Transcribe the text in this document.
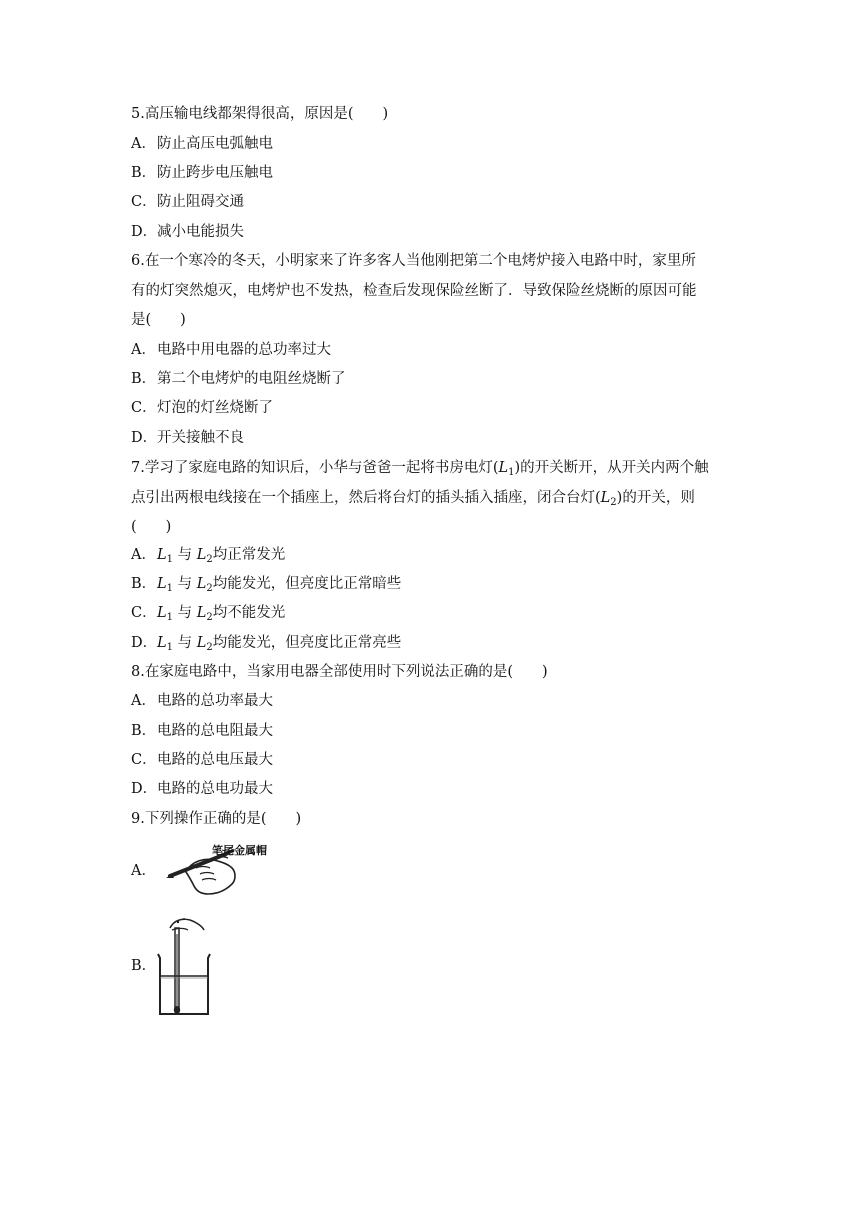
5.高压输电线都架得很高，原因是(　　)
A．防止高压电弧触电
B．防止跨步电压触电
C．防止阻碍交通
D．减小电能损失
6.在一个寒冷的冬天，小明家来了许多客人当他刚把第二个电烤炉接入电路中时，家里所
有的灯突然熄灭，电烤炉也不发热，检查后发现保险丝断了．导致保险丝烧断的原因可能
是(　　)
A．电路中用电器的总功率过大
B．第二个电烤炉的电阻丝烧断了
C．灯泡的灯丝烧断了
D．开关接触不良
7.学习了家庭电路的知识后，小华与爸爸一起将书房电灯$(L_1)$的开关断开，从开关内两个触
点引出两根电线接在一个插座上，然后将台灯的插头插入插座，闭合台灯$(L_2)$的开关，则
(　　)
A．$L_1$ 与 $L_2$均正常发光
B．$L_1$ 与 $L_2$均能发光，但亮度比正常暗些
C．$L_1$ 与 $L_2$均不能发光
D．$L_1$ 与 $L_2$均能发光，但亮度比正常亮些
8.在家庭电路中，当家用电器全部使用时下列说法正确的是(　　)
A．电路的总功率最大
B．电路的总电阻最大
C．电路的总电压最大
D．电路的总电功最大
9.下列操作正确的是(　　)
A．
笔尾金属帽
B．
